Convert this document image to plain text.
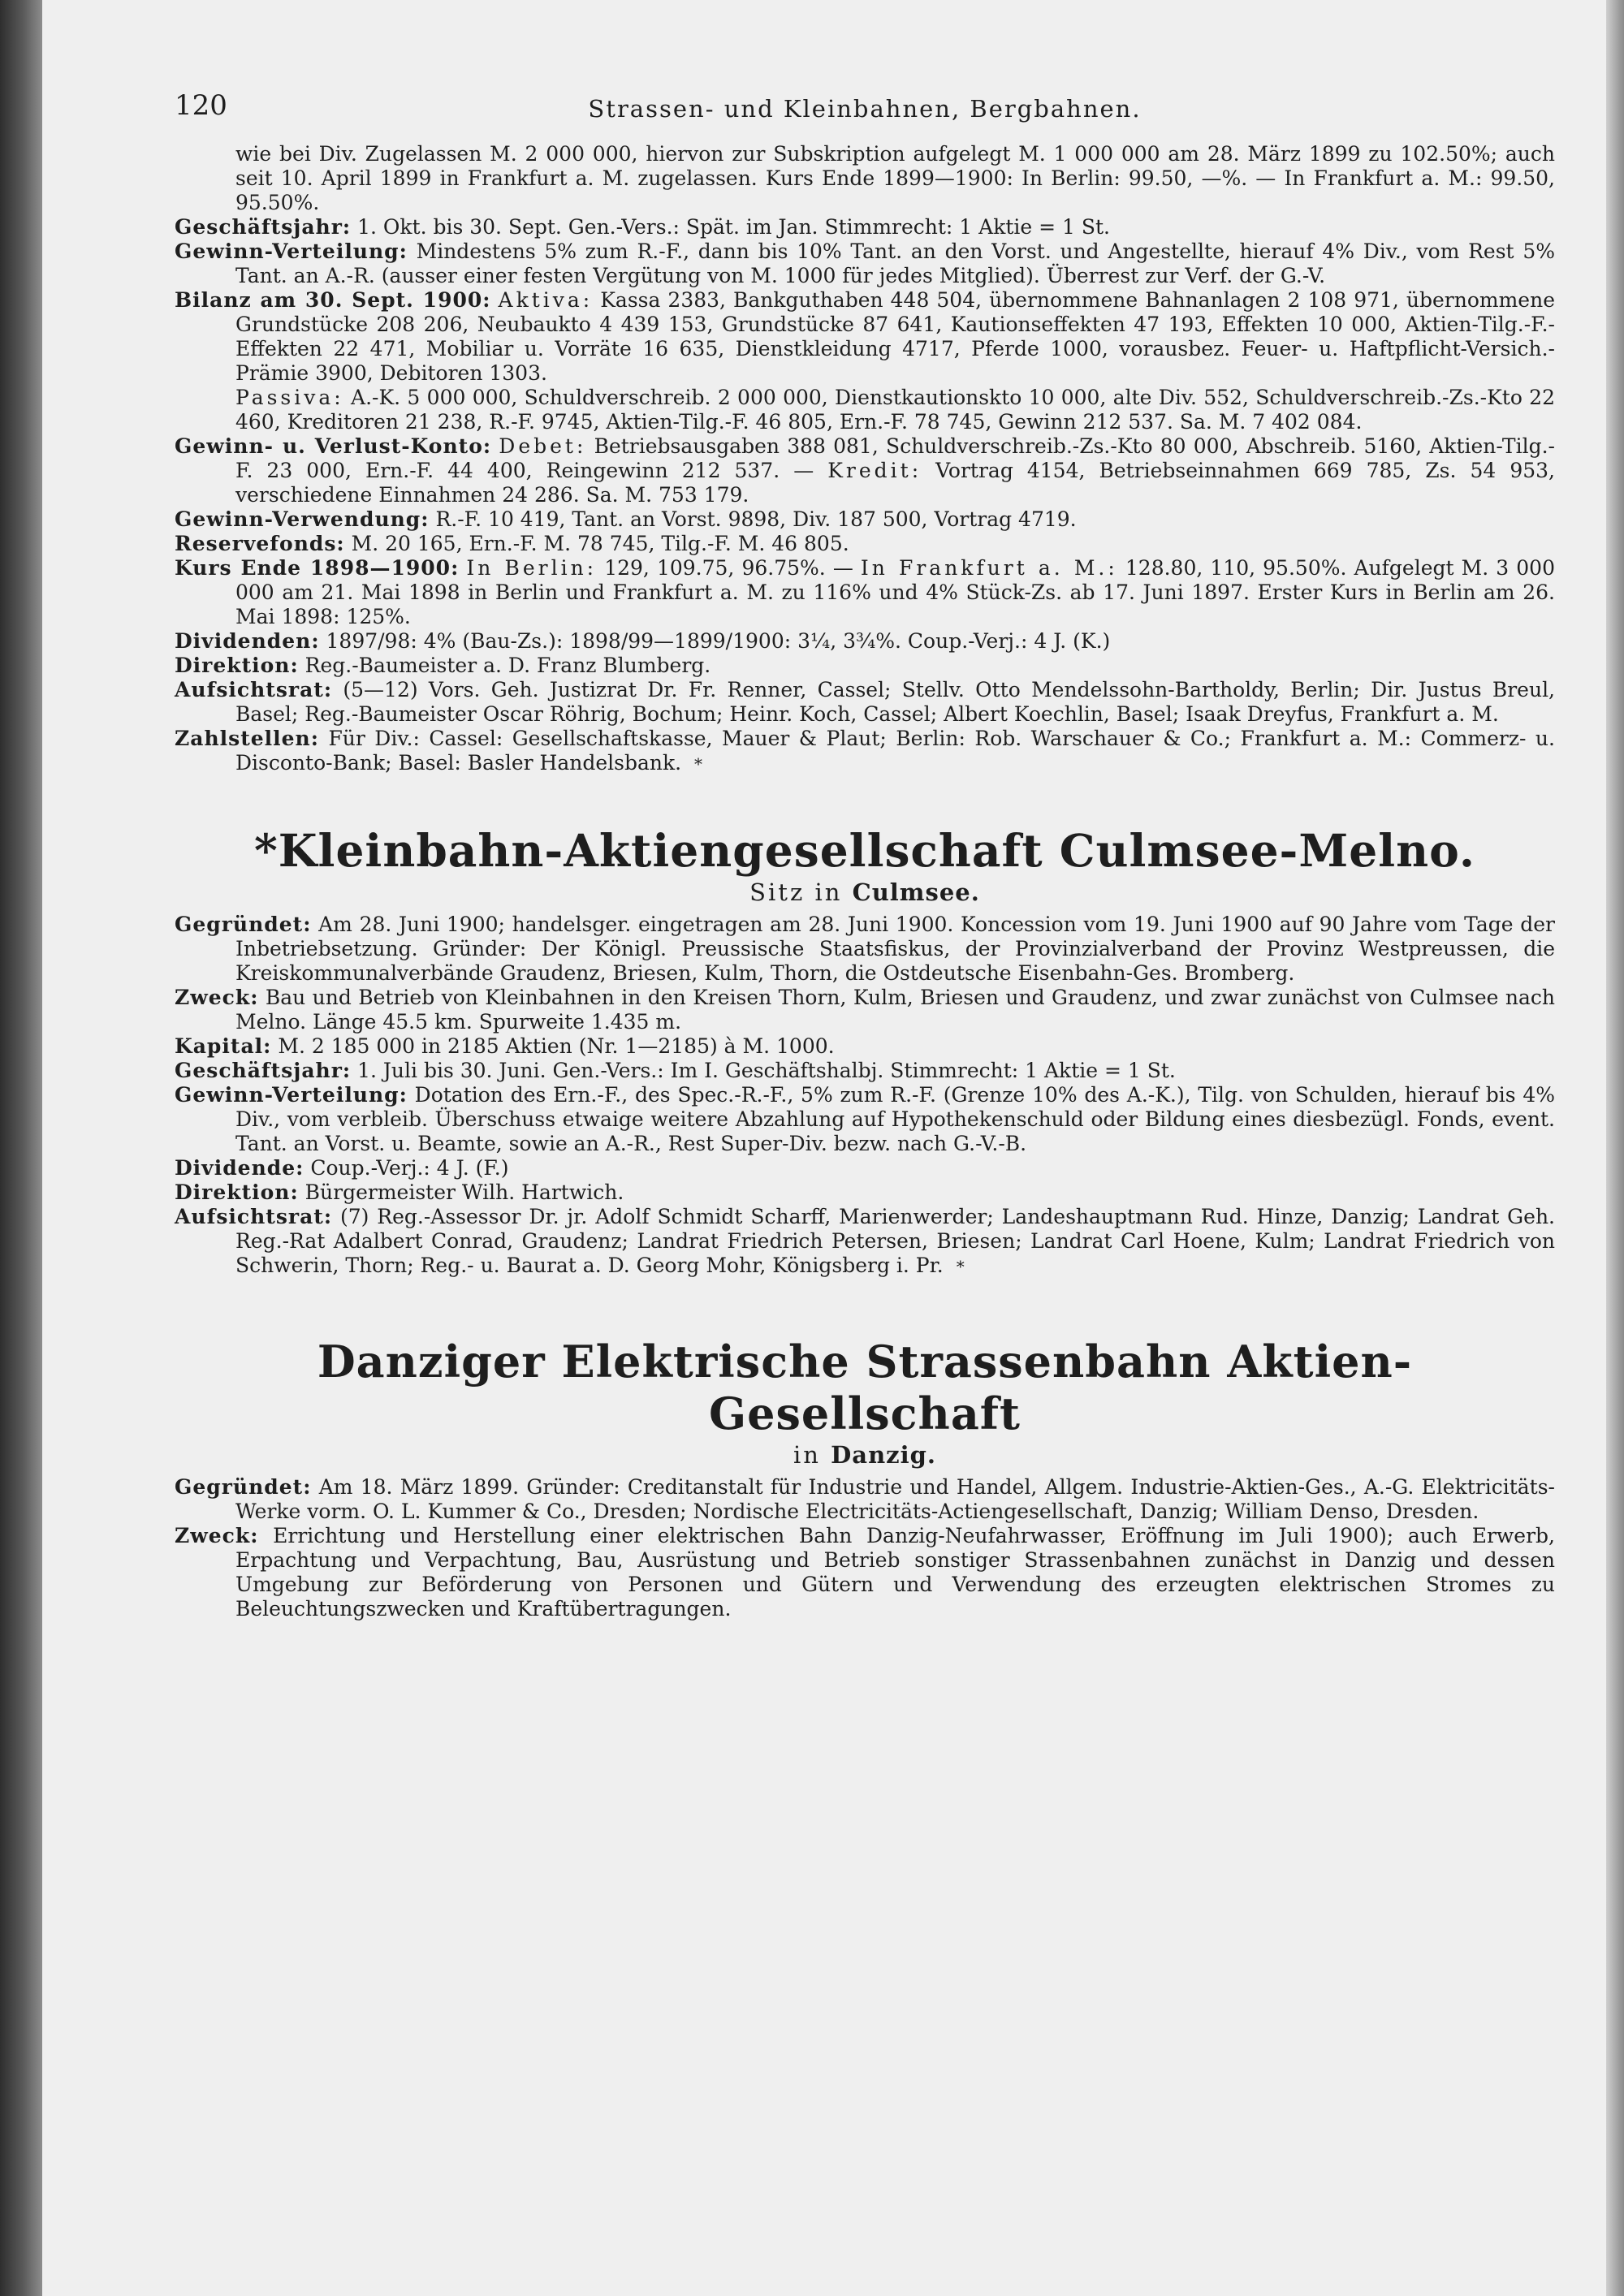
120	Strassen- und Kleinbahnen, Bergbahnen.

wie bei Div. Zugelassen M. 2 000 000, hiervon zur Subskription aufgelegt M. 1 000 000 am 28. März 1899 zu 102.50%; auch seit 10. April 1899 in Frankfurt a. M. zugelassen. Kurs Ende 1899—1900: In Berlin: 99.50, —%. — In Frankfurt a. M.: 99.50, 95.50%.

Geschäftsjahr: 1. Okt. bis 30. Sept. Gen.-Vers.: Spät. im Jan. Stimmrecht: 1 Aktie = 1 St.

Gewinn-Verteilung: Mindestens 5% zum R.-F., dann bis 10% Tant. an den Vorst. und Angestellte, hierauf 4% Div., vom Rest 5% Tant. an A.-R. (ausser einer festen Vergütung von M. 1000 für jedes Mitglied). Überrest zur Verf. der G.-V.

Bilanz am 30. Sept. 1900: Aktiva: Kassa 2383, Bankguthaben 448 504, übernommene Bahnanlagen 2 108 971, übernommene Grundstücke 208 206, Neubaukto 4 439 153, Grundstücke 87 641, Kautionseffekten 47 193, Effekten 10 000, Aktien-Tilg.-F.-Effekten 22 471, Mobiliar u. Vorräte 16 635, Dienstkleidung 4717, Pferde 1000, vorausbez. Feuer- u. Haftpflicht-Versich.-Prämie 3900, Debitoren 1303.

Passiva: A.-K. 5 000 000, Schuldverschreib. 2 000 000, Dienstkautionskto 10 000, alte Div. 552, Schuldverschreib.-Zs.-Kto 22 460, Kreditoren 21 238, R.-F. 9745, Aktien-Tilg.-F. 46 805, Ern.-F. 78 745, Gewinn 212 537. Sa. M. 7 402 084.

Gewinn- u. Verlust-Konto: Debet: Betriebsausgaben 388 081, Schuldverschreib.-Zs.-Kto 80 000, Abschreib. 5160, Aktien-Tilg.-F. 23 000, Ern.-F. 44 400, Reingewinn 212 537. — Kredit: Vortrag 4154, Betriebseinnahmen 669 785, Zs. 54 953, verschiedene Einnahmen 24 286. Sa. M. 753 179.

Gewinn-Verwendung: R.-F. 10 419, Tant. an Vorst. 9898, Div. 187 500, Vortrag 4719.

Reservefonds: M. 20 165, Ern.-F. M. 78 745, Tilg.-F. M. 46 805.

Kurs Ende 1898—1900: In Berlin: 129, 109.75, 96.75%. — In Frankfurt a. M.: 128.80, 110, 95.50%. Aufgelegt M. 3 000 000 am 21. Mai 1898 in Berlin und Frankfurt a. M. zu 116% und 4% Stück-Zs. ab 17. Juni 1897. Erster Kurs in Berlin am 26. Mai 1898: 125%.

Dividenden: 1897/98: 4% (Bau-Zs.): 1898/99—1899/1900: 3¼, 3¾%. Coup.-Verj.: 4 J. (K.)

Direktion: Reg.-Baumeister a. D. Franz Blumberg.

Aufsichtsrat: (5—12) Vors. Geh. Justizrat Dr. Fr. Renner, Cassel; Stellv. Otto Mendelssohn-Bartholdy, Berlin; Dir. Justus Breul, Basel; Reg.-Baumeister Oscar Röhrig, Bochum; Heinr. Koch, Cassel; Albert Koechlin, Basel; Isaak Dreyfus, Frankfurt a. M.

Zahlstellen: Für Div.: Cassel: Gesellschaftskasse, Mauer & Plaut; Berlin: Rob. Warschauer & Co.; Frankfurt a. M.: Commerz- u. Disconto-Bank; Basel: Basler Handelsbank. *

*Kleinbahn-Aktiengesellschaft Culmsee-Melno.
Sitz in Culmsee.

Gegründet: Am 28. Juni 1900; handelsger. eingetragen am 28. Juni 1900. Koncession vom 19. Juni 1900 auf 90 Jahre vom Tage der Inbetriebsetzung. Gründer: Der Königl. Preussische Staatsfiskus, der Provinzialverband der Provinz Westpreussen, die Kreiskommunalverbände Graudenz, Briesen, Kulm, Thorn, die Ostdeutsche Eisenbahn-Ges. Bromberg.

Zweck: Bau und Betrieb von Kleinbahnen in den Kreisen Thorn, Kulm, Briesen und Graudenz, und zwar zunächst von Culmsee nach Melno. Länge 45.5 km. Spurweite 1.435 m.

Kapital: M. 2 185 000 in 2185 Aktien (Nr. 1—2185) à M. 1000.

Geschäftsjahr: 1. Juli bis 30. Juni. Gen.-Vers.: Im I. Geschäftshalbj. Stimmrecht: 1 Aktie = 1 St.

Gewinn-Verteilung: Dotation des Ern.-F., des Spec.-R.-F., 5% zum R.-F. (Grenze 10% des A.-K.), Tilg. von Schulden, hierauf bis 4% Div., vom verbleib. Überschuss etwaige weitere Abzahlung auf Hypothekenschuld oder Bildung eines diesbezügl. Fonds, event. Tant. an Vorst. u. Beamte, sowie an A.-R., Rest Super-Div. bezw. nach G.-V.-B.

Dividende: Coup.-Verj.: 4 J. (F.)

Direktion: Bürgermeister Wilh. Hartwich.

Aufsichtsrat: (7) Reg.-Assessor Dr. jr. Adolf Schmidt Scharff, Marienwerder; Landeshauptmann Rud. Hinze, Danzig; Landrat Geh. Reg.-Rat Adalbert Conrad, Graudenz; Landrat Friedrich Petersen, Briesen; Landrat Carl Hoene, Kulm; Landrat Friedrich von Schwerin, Thorn; Reg.- u. Baurat a. D. Georg Mohr, Königsberg i. Pr. *

Danziger Elektrische Strassenbahn Aktien-Gesellschaft
in Danzig.

Gegründet: Am 18. März 1899. Gründer: Creditanstalt für Industrie und Handel, Allgem. Industrie-Aktien-Ges., A.-G. Elektricitäts-Werke vorm. O. L. Kummer & Co., Dresden; Nordische Electricitäts-Actiengesellschaft, Danzig; William Denso, Dresden.

Zweck: Errichtung und Herstellung einer elektrischen Bahn Danzig-Neufahrwasser, Eröffnung im Juli 1900); auch Erwerb, Erpachtung und Verpachtung, Bau, Ausrüstung und Betrieb sonstiger Strassenbahnen zunächst in Danzig und dessen Umgebung zur Beförderung von Personen und Gütern und Verwendung des erzeugten elektrischen Stromes zu Beleuchtungszwecken und Kraftübertragungen.
